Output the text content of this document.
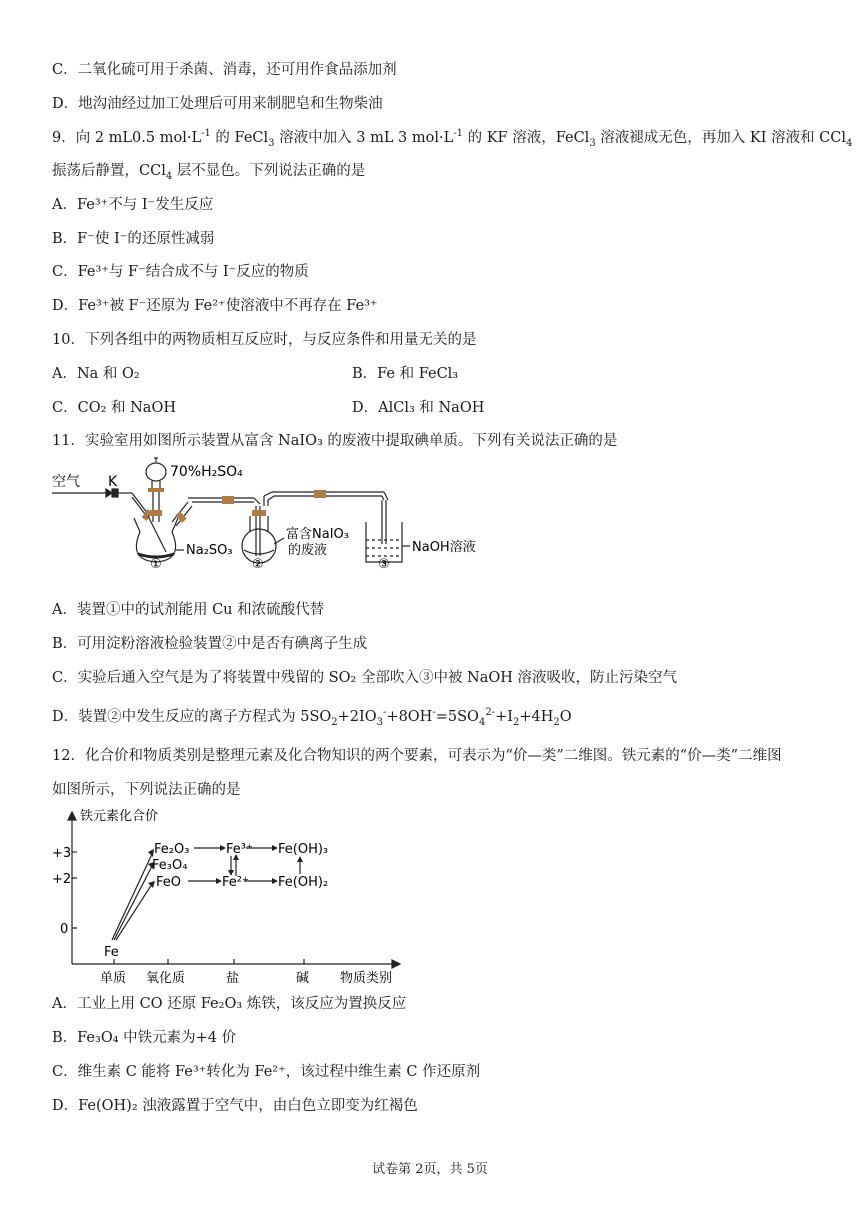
C．二氧化硫可用于杀菌、消毒，还可用作食品添加剂
D．地沟油经过加工处理后可用来制肥皂和生物柴油
9．向 2 mL0.5 $mol\cdot L^{-1}$ 的 FeCl$_3$ 溶液中加入 3 mL 3 $mol\cdot L^{-1}$ 的 KF 溶液，FeCl$_3$ 溶液褪成无色，再加入 KI 溶液和 CCl$_4$
振荡后静置，CCl$_4$ 层不显色。下列说法正确的是
A．Fe³⁺不与 I⁻发生反应
B．F⁻使 I⁻的还原性减弱
C．Fe³⁺与 F⁻结合成不与 I⁻反应的物质
D．Fe³⁺被 F⁻还原为 Fe²⁺使溶液中不再存在 Fe³⁺
10．下列各组中的两物质相互反应时，与反应条件和用量无关的是
A．Na 和 O₂	B．Fe 和 FeCl₃
C．CO₂ 和 NaOH	D．AlCl₃ 和 NaOH
11．实验室用如图所示装置从富含 NaIO₃ 的废液中提取碘单质。下列有关说法正确的是
空气 K
70%H₂SO₄
Na₂SO₃
富含NaIO₃
的废液	NaOH溶液
①	②	③
A．装置①中的试剂能用 Cu 和浓硫酸代替
B．可用淀粉溶液检验装置②中是否有碘离子生成
C．实验后通入空气是为了将装置中残留的 SO₂ 全部吹入③中被 NaOH 溶液吸收，防止污染空气
D．装置②中发生反应的离子方程式为 $5SO_2+2IO_3^-+8OH^-=5SO_4^{2-}+I_2+4H_2O$
12．化合价和物质类别是整理元素及化合物知识的两个要素，可表示为“价—类”二维图。铁元素的“价—类”二维图
如图所示，下列说法正确的是
铁元素化合价
+3
+2
0
单质 氧化质	盐	碱 物质类别
Fe
Fe₂O₃
Fe₃O₄
FeO
Fe³⁺
Fe²⁺
Fe(OH)₃
Fe(OH)₂
A．工业上用 CO 还原 Fe₂O₃ 炼铁，该反应为置换反应
B．Fe₃O₄ 中铁元素为+4 价
C．维生素 C 能将 Fe³⁺转化为 Fe²⁺，该过程中维生素 C 作还原剂
D．Fe(OH)₂ 浊液露置于空气中，由白色立即变为红褐色
试卷第 2页，共 5页
